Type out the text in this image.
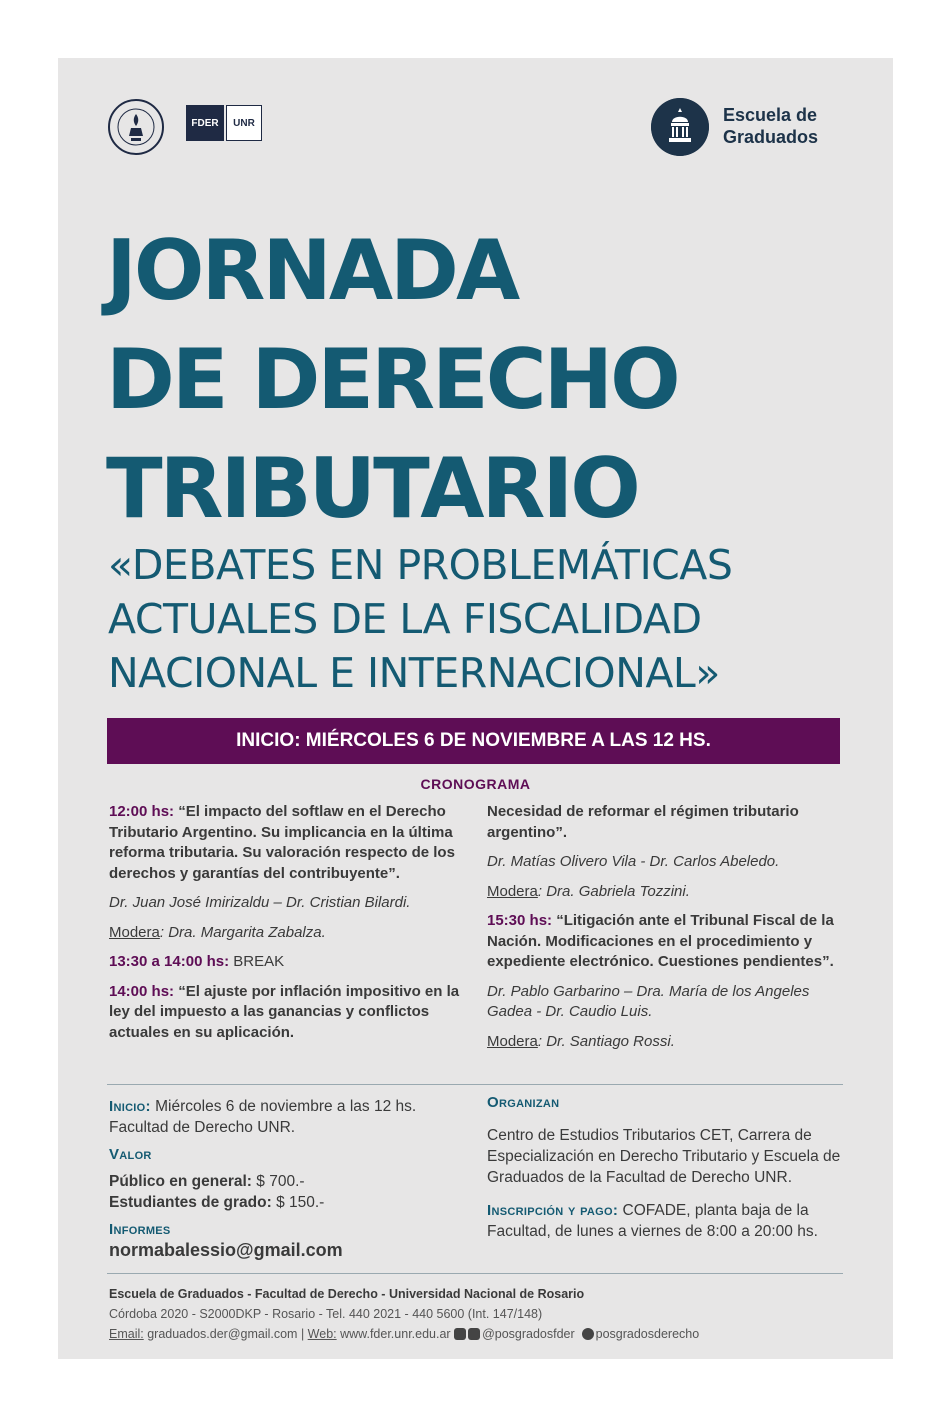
FDER	UNR	Escuela de
Graduados
JORNADA
DE DERECHO
TRIBUTARIO
«DEBATES EN PROBLEMÁTICAS
ACTUALES DE LA FISCALIDAD
NACIONAL E INTERNACIONAL»
INICIO: MIÉRCOLES 6 DE NOVIEMBRE A LAS 12 HS.
CRONOGRAMA

12:00 hs: “El impacto del softlaw en el Derecho Tributario Argentino. Su implicancia en la última reforma tributaria. Su valoración respecto de los derechos y garantías del contribuyente”.

Dr. Juan José Imirizaldu – Dr. Cristian Bilardi.

Modera: Dra. Margarita Zabalza.

13:30 a 14:00 hs: BREAK

14:00 hs: “El ajuste por inflación impositivo en la ley del impuesto a las ganancias y conflictos actuales en su aplicación.

Necesidad de reformar el régimen tributario argentino”.

Dr. Matías Olivero Vila - Dr. Carlos Abeledo.

Modera: Dra. Gabriela Tozzini.

15:30 hs: “Litigación ante el Tribunal Fiscal de la Nación. Modificaciones en el procedimiento y expediente electrónico. Cuestiones pendientes”.

Dr. Pablo Garbarino – Dra. María de los Angeles Gadea - Dr. Caudio Luis.

Modera: Dr. Santiago Rossi.

Inicio: Miércoles 6 de noviembre a las 12 hs.

Facultad de Derecho UNR.

Valor

Público en general: $ 700.-

Estudiantes de grado: $ 150.-

Informes

normabalessio@gmail.com

Organizan

Centro de Estudios Tributarios CET, Carrera de Especialización en Derecho Tributario y Escuela de Graduados de la Facultad de Derecho UNR.

Inscripción y pago: COFADE, planta baja de la Facultad, de lunes a viernes de 8:00 a 20:00 hs.

Escuela de Graduados - Facultad de Derecho - Universidad Nacional de Rosario
Córdoba 2020 - S2000DKP - Rosario - Tel. 440 2021 - 440 5600 (Int. 147/148)
Email: graduados.der@gmail.com | Web: www.fder.unr.edu.ar @posgradosfder posgradosderecho
